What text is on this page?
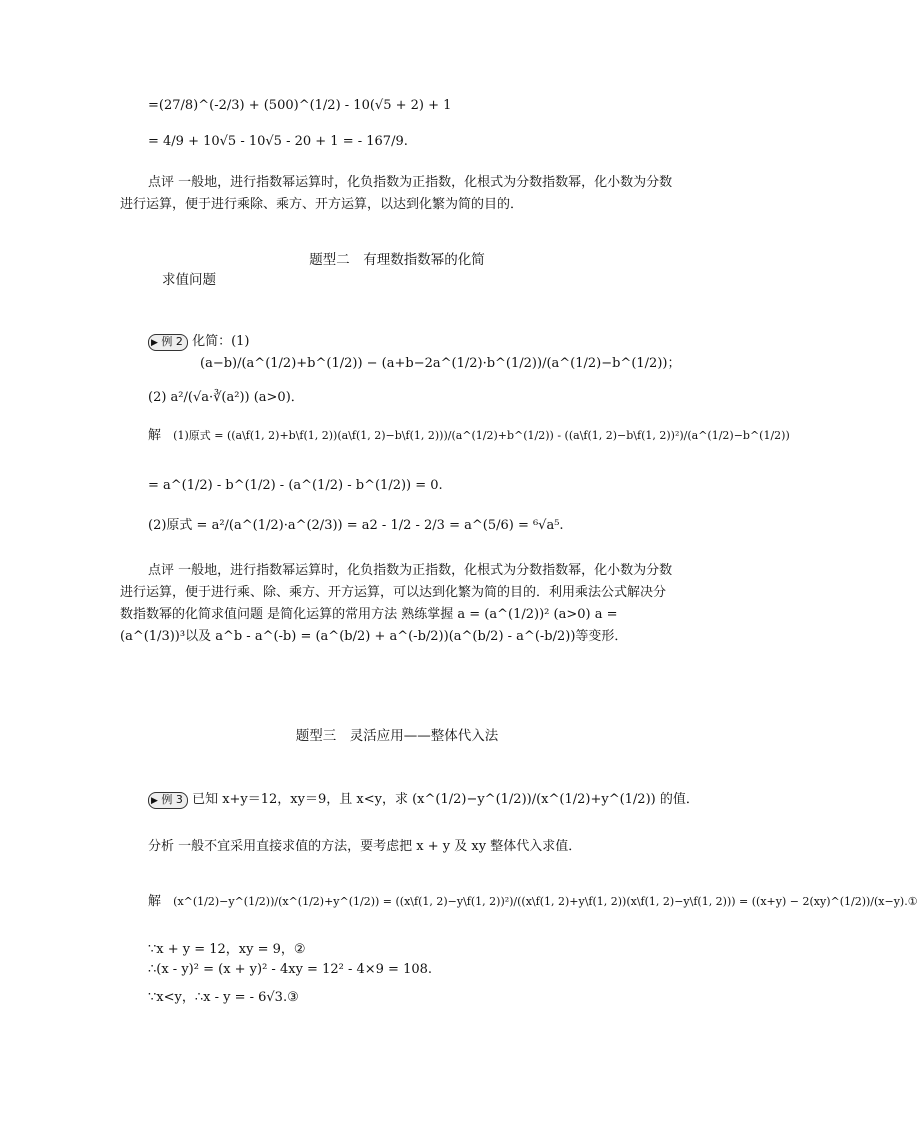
=(27/8)^(-2/3) + (500)^(1/2) - 10(√5 + 2) + 1
= 4/9 + 10√5 - 10√5 - 20 + 1 = - 167/9.
点评 一般地，进行指数幂运算时，化负指数为正指数，化根式为分数指数幂，化小数为分数进行运算，便于进行乘除、乘方、开方运算，以达到化繁为简的目的．
题型二　有理数指数幂的化简
求值问题
▶ 例 2 化简：(1)
(a−b)/(a^(1/2)+b^(1/2)) − (a+b−2a^(1/2)·b^(1/2))/(a^(1/2)−b^(1/2))；
(2) a²/(√a·∛(a²)) (a>0)．
解 (1)原式 = ((a\f(1, 2)+b\f(1, 2))(a\f(1, 2)−b\f(1, 2)))/(a^(1/2)+b^(1/2)) - ((a\f(1, 2)−b\f(1, 2))²)/(a^(1/2)−b^(1/2))
= a^(1/2) - b^(1/2) - (a^(1/2) - b^(1/2)) = 0.
(2)原式 = a²/(a^(1/2)·a^(2/3)) = a2 - 1/2 - 2/3 = a^(5/6) = ⁶√a⁵.
点评 一般地，进行指数幂运算时，化负指数为正指数，化根式为分数指数幂，化小数为分数进行运算，便于进行乘、除、乘方、开方运算，可以达到化繁为简的目的．利用乘法公式解决分数指数幂的化简求值问题 是简化运算的常用方法 熟练掌握 a = (a^(1/2))² (a>0) a = (a^(1/3))³以及 a^b - a^(-b) = (a^(b/2) + a^(-b/2))(a^(b/2) - a^(-b/2))等变形．
题型三　灵活应用——整体代入法
▶ 例 3 已知 x+y＝12，xy＝9，且 x<y，求 (x^(1/2)−y^(1/2))/(x^(1/2)+y^(1/2)) 的值．
分析 一般不宜采用直接求值的方法，要考虑把 x + y 及 xy 整体代入求值．
解 (x^(1/2)−y^(1/2))/(x^(1/2)+y^(1/2)) = ((x\f(1, 2)−y\f(1, 2))²)/((x\f(1, 2)+y\f(1, 2))(x\f(1, 2)−y\f(1, 2))) = ((x+y) − 2(xy)^(1/2))/(x−y).①
∵x + y = 12，xy = 9，②
∴(x - y)² = (x + y)² - 4xy = 12² - 4×9 = 108.
∵x<y，∴x - y = - 6√3.③
